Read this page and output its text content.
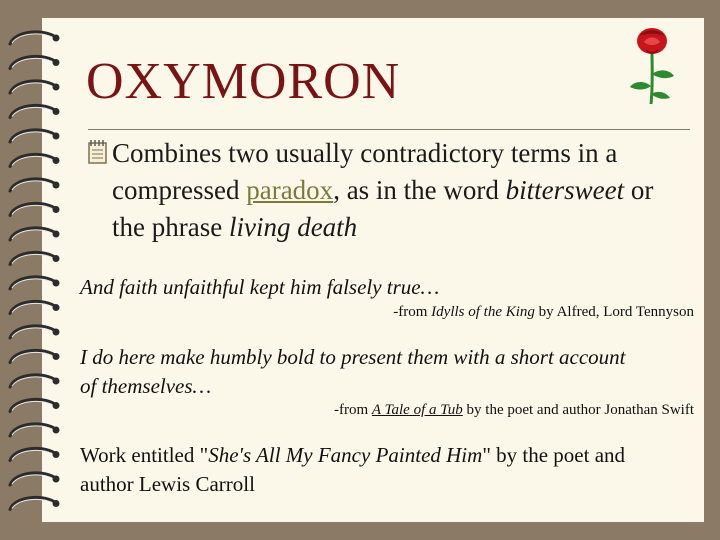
OXYMORON

Combines two usually contradictory terms in a compressed paradox, as in the word bittersweet or the phrase living death

And faith unfaithful kept him falsely true…

-from Idylls of the King by Alfred, Lord Tennyson

I do here make humbly bold to present them with a short account of themselves…

-from A Tale of a Tub by the poet and author Jonathan Swift

Work entitled "She's All My Fancy Painted Him" by the poet and author Lewis Carroll
